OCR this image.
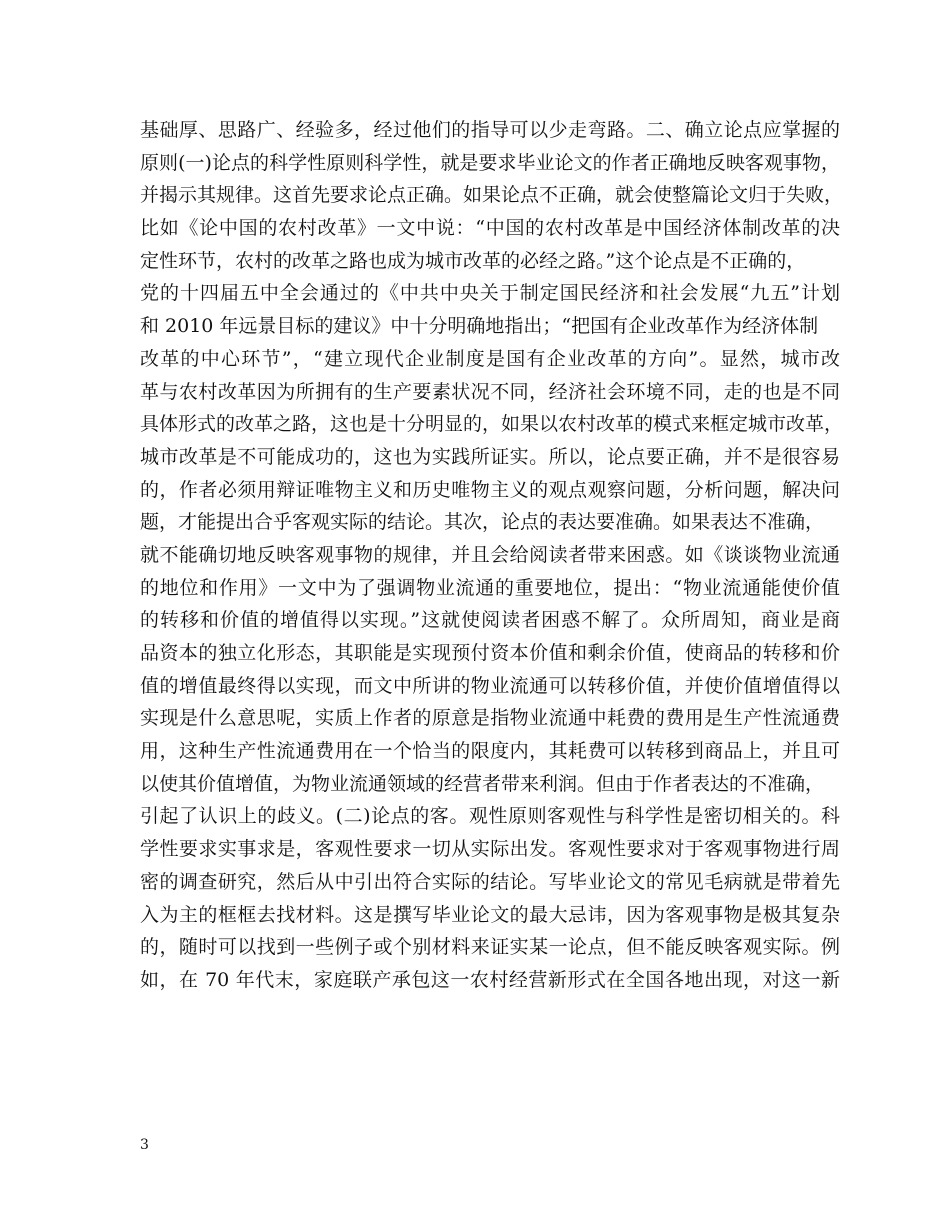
基础厚、思路广、经验多，经过他们的指导可以少走弯路。二、确立论点应掌握的
原则(一)论点的科学性原则科学性，就是要求毕业论文的作者正确地反映客观事物，
并揭示其规律。这首先要求论点正确。如果论点不正确，就会使整篇论文归于失败，
比如《论中国的农村改革》一文中说：“中国的农村改革是中国经济体制改革的决
定性环节，农村的改革之路也成为城市改革的必经之路。”这个论点是不正确的，
党的十四届五中全会通过的《中共中央关于制定国民经济和社会发展“九五”计划
和 2010 年远景目标的建议》中十分明确地指出；“把国有企业改革作为经济体制
改革的中心环节”，“建立现代企业制度是国有企业改革的方向”。显然，城市改
革与农村改革因为所拥有的生产要素状况不同，经济社会环境不同，走的也是不同
具体形式的改革之路，这也是十分明显的，如果以农村改革的模式来框定城市改革，
城市改革是不可能成功的，这也为实践所证实。所以，论点要正确，并不是很容易
的，作者必须用辩证唯物主义和历史唯物主义的观点观察问题，分析问题，解决问
题，才能提出合乎客观实际的结论。其次，论点的表达要准确。如果表达不准确，
就不能确切地反映客观事物的规律，并且会给阅读者带来困惑。如《谈谈物业流通
的地位和作用》一文中为了强调物业流通的重要地位，提出：“物业流通能使价值
的转移和价值的增值得以实现。”这就使阅读者困惑不解了。众所周知，商业是商
品资本的独立化形态，其职能是实现预付资本价值和剩余价值，使商品的转移和价
值的增值最终得以实现，而文中所讲的物业流通可以转移价值，并使价值增值得以
实现是什么意思呢，实质上作者的原意是指物业流通中耗费的费用是生产性流通费
用，这种生产性流通费用在一个恰当的限度内，其耗费可以转移到商品上，并且可
以使其价值增值，为物业流通领域的经营者带来利润。但由于作者表达的不准确，
引起了认识上的歧义。(二)论点的客。观性原则客观性与科学性是密切相关的。科
学性要求实事求是，客观性要求一切从实际出发。客观性要求对于客观事物进行周
密的调查研究，然后从中引出符合实际的结论。写毕业论文的常见毛病就是带着先
入为主的框框去找材料。这是撰写毕业论文的最大忌讳，因为客观事物是极其复杂
的，随时可以找到一些例子或个别材料来证实某一论点，但不能反映客观实际。例
如，在 70 年代末，家庭联产承包这一农村经营新形式在全国各地出现，对这一新
3
